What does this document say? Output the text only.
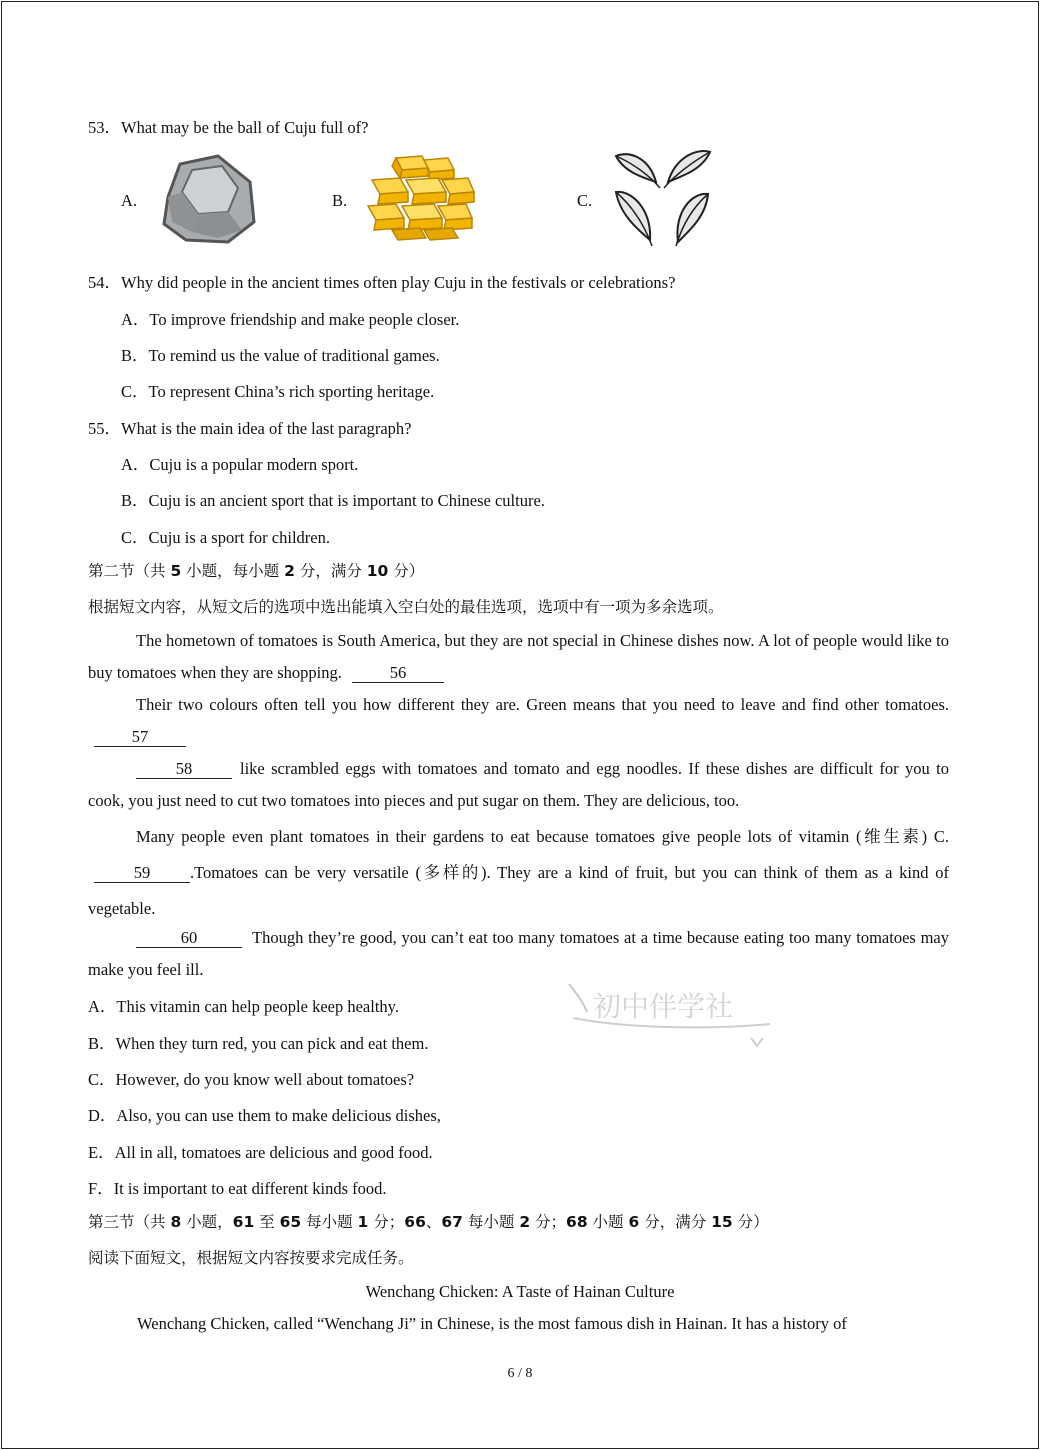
53．What may be the ball of Cuju full of?
A.	B.	C.
54．Why did people in the ancient times often play Cuju in the festivals or celebrations?
A．To improve friendship and make people closer.
B．To remind us the value of traditional games.
C．To represent China’s rich sporting heritage.
55．What is the main idea of the last paragraph?
A．Cuju is a popular modern sport.
B．Cuju is an ancient sport that is important to Chinese culture.
C．Cuju is a sport for children.
第二节（共 5 小题，每小题 2 分，满分 10 分）
根据短文内容，从短文后的选项中选出能填入空白处的最佳选项，选项中有一项为多余选项。
The hometown of tomatoes is South America, but they are not special in Chinese dishes now. A lot of people would like to buy tomatoes when they are shopping.	56
Their two colours often tell you how different they are. Green means that you need to leave and find other tomatoes. 57
58	like scrambled eggs with tomatoes and tomato and egg noodles. If these dishes are difficult for you to cook, you just need to cut two tomatoes into pieces and put sugar on them. They are delicious, too.
Many people even plant tomatoes in their gardens to eat because tomatoes give people lots of vitamin (维生素) C. 59 .Tomatoes can be very versatile (多样的). They are a kind of fruit, but you can think of them as a kind of vegetable.
60	Though they’re good, you can’t eat too many tomatoes at a time because eating too many tomatoes may make you feel ill.
A．This vitamin can help people keep healthy.
B．When they turn red, you can pick and eat them.
C．However, do you know well about tomatoes?
D．Also, you can use them to make delicious dishes,
E．All in all, tomatoes are delicious and good food.
F．It is important to eat different kinds food.
初中伴学社
第三节（共 8 小题，61 至 65 每小题 1 分；66、67 每小题 2 分；68 小题 6 分，满分 15 分）
阅读下面短文，根据短文内容按要求完成任务。
Wenchang Chicken: A Taste of Hainan Culture
Wenchang Chicken, called “Wenchang Ji” in Chinese, is the most famous dish in Hainan. It has a history of
6 / 8
